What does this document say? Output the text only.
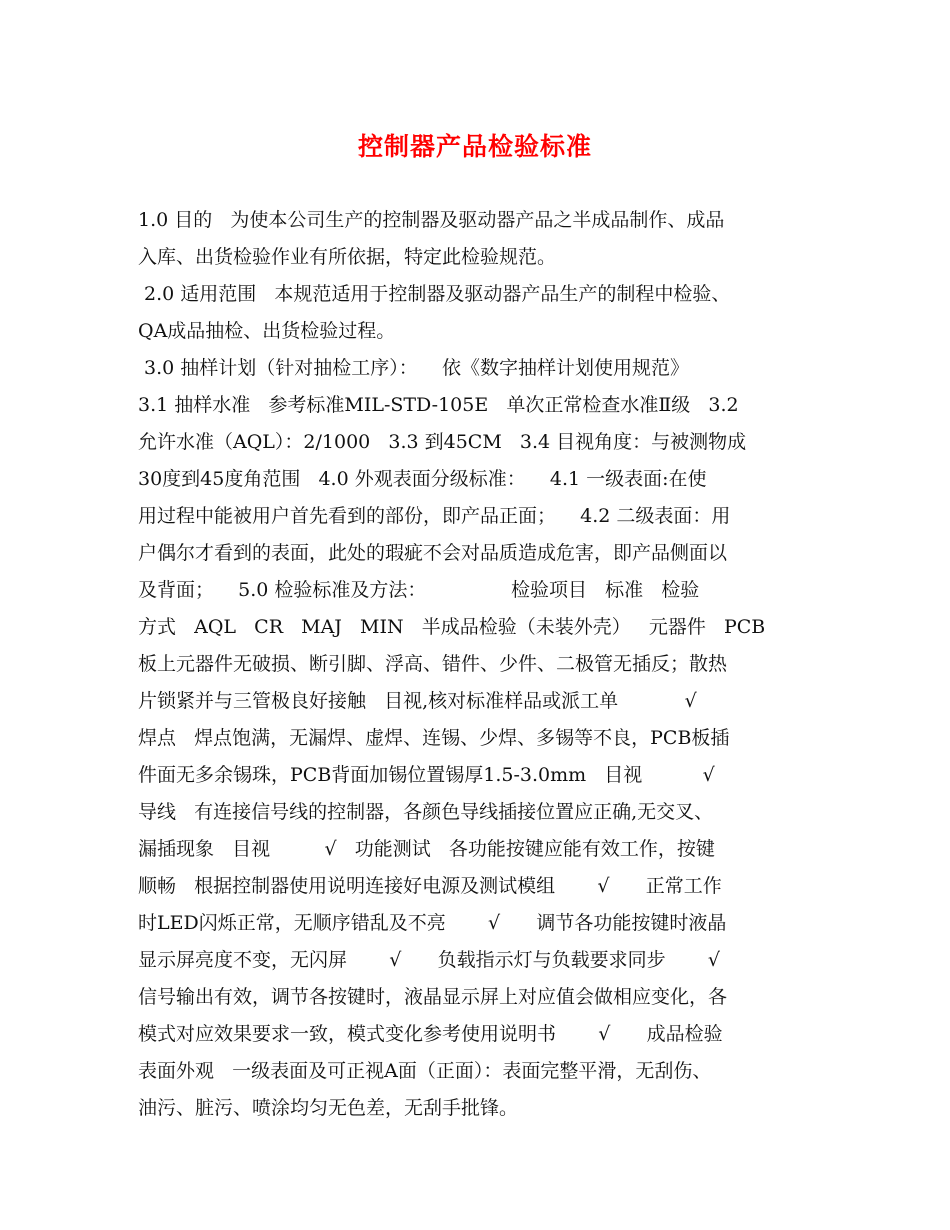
控制器产品检验标准
1.0 目的   为使本公司生产的控制器及驱动器产品之半成品制作、成品
入库、出货检验作业有所依据，特定此检验规范。
2.0 适用范围   本规范适用于控制器及驱动器产品生产的制程中检验、
QA成品抽检、出货检验过程。
3.0 抽样计划（针对抽检工序）：    依《数字抽样计划使用规范》
3.1 抽样水准   参考标准MIL-STD-105E   单次正常检查水准Ⅱ级   3.2
允许水准（AQL）：2/1000   3.3 到45CM   3.4 目视角度：与被测物成
30度到45度角范围   4.0 外观表面分级标准：    4.1 一级表面:在使
用过程中能被用户首先看到的部份，即产品正面；    4.2 二级表面：用
户偶尔才看到的表面，此处的瑕疵不会对品质造成危害，即产品侧面以
及背面；    5.0 检验标准及方法：              检验项目   标准   检验
方式   AQL   CR   MAJ   MIN   半成品检验（未装外壳）   元器件   PCB
板上元器件无破损、断引脚、浮高、错件、少件、二极管无插反；散热
片锁紧并与三管极良好接触   目视,核对标准样品或派工单           √
焊点   焊点饱满，无漏焊、虚焊、连锡、少焊、多锡等不良，PCB板插
件面无多余锡珠，PCB背面加锡位置锡厚1.5-3.0mm   目视          √
导线   有连接信号线的控制器，各颜色导线插接位置应正确,无交叉、
漏插现象   目视         √   功能测试   各功能按键应能有效工作，按键
顺畅   根据控制器使用说明连接好电源及测试模组       √      正常工作
时LED闪烁正常，无顺序错乱及不亮       √      调节各功能按键时液晶
显示屏亮度不变，无闪屏       √      负载指示灯与负载要求同步       √
信号输出有效，调节各按键时，液晶显示屏上对应值会做相应变化，各
模式对应效果要求一致，模式变化参考使用说明书       √      成品检验
表面外观   一级表面及可正视A面（正面）：表面完整平滑，无刮伤、
油污、脏污、喷涂均匀无色差，无刮手批锋。
